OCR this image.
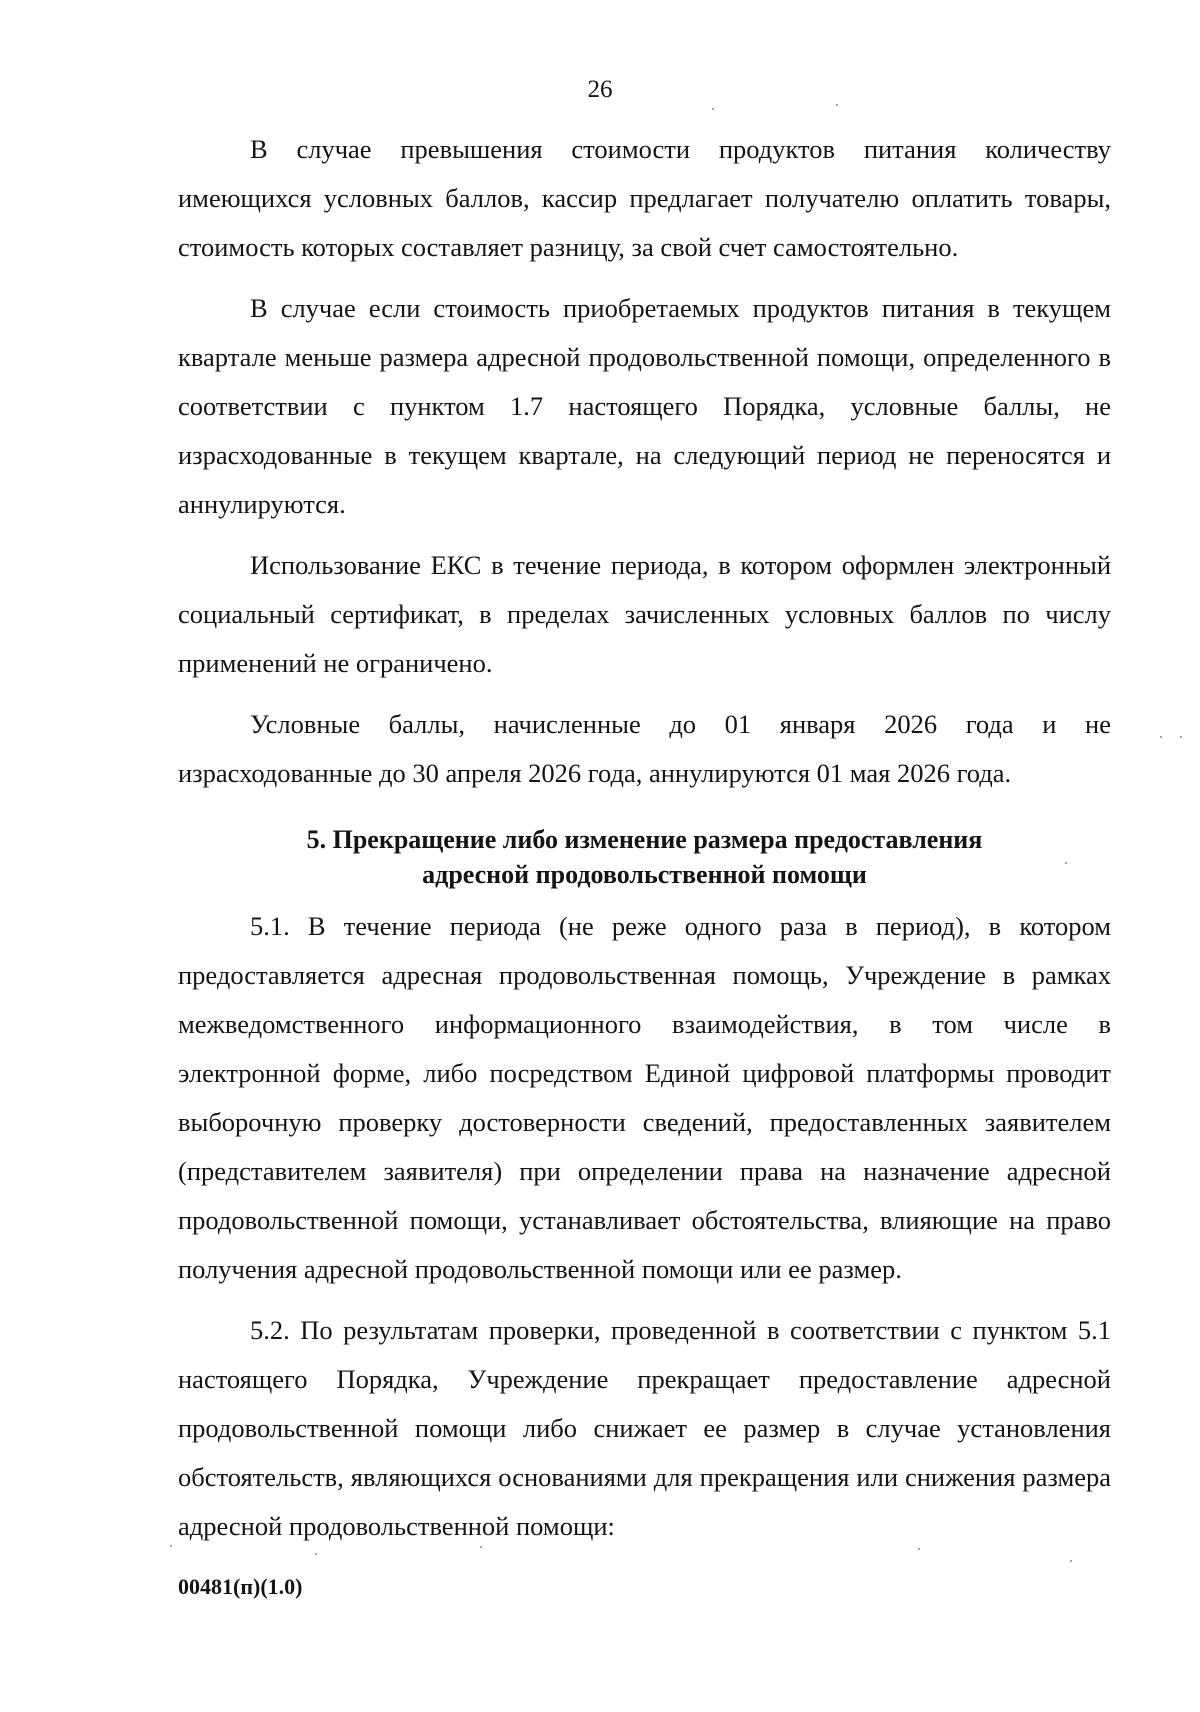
26

В случае превышения стоимости продуктов питания количеству имеющихся условных баллов, кассир предлагает получателю оплатить товары, стоимость которых составляет разницу, за свой счет самостоятельно.

В случае если стоимость приобретаемых продуктов питания в текущем квартале меньше размера адресной продовольственной помощи, определенного в соответствии с пунктом 1.7 настоящего Порядка, условные баллы, не израсходованные в текущем квартале, на следующий период не переносятся и аннулируются.

Использование ЕКС в течение периода, в котором оформлен электронный социальный сертификат, в пределах зачисленных условных баллов по числу применений не ограничено.

Условные баллы, начисленные до 01 января 2026 года и не израсходованные до 30 апреля 2026 года, аннулируются 01 мая 2026 года.

5. Прекращение либо изменение размера предоставления
адресной продовольственной помощи

5.1. В течение периода (не реже одного раза в период), в котором предоставляется адресная продовольственная помощь, Учреждение в рамках межведомственного информационного взаимодействия, в том числе в электронной форме, либо посредством Единой цифровой платформы проводит выборочную проверку достоверности сведений, предоставленных заявителем (представителем заявителя) при определении права на назначение адресной продовольственной помощи, устанавливает обстоятельства, влияющие на право получения адресной продовольственной помощи или ее размер.

5.2. По результатам проверки, проведенной в соответствии с пунктом 5.1 настоящего Порядка, Учреждение прекращает предоставление адресной продовольственной помощи либо снижает ее размер в случае установления обстоятельств, являющихся основаниями для прекращения или снижения размера адресной продовольственной помощи:

00481(п)(1.0)
